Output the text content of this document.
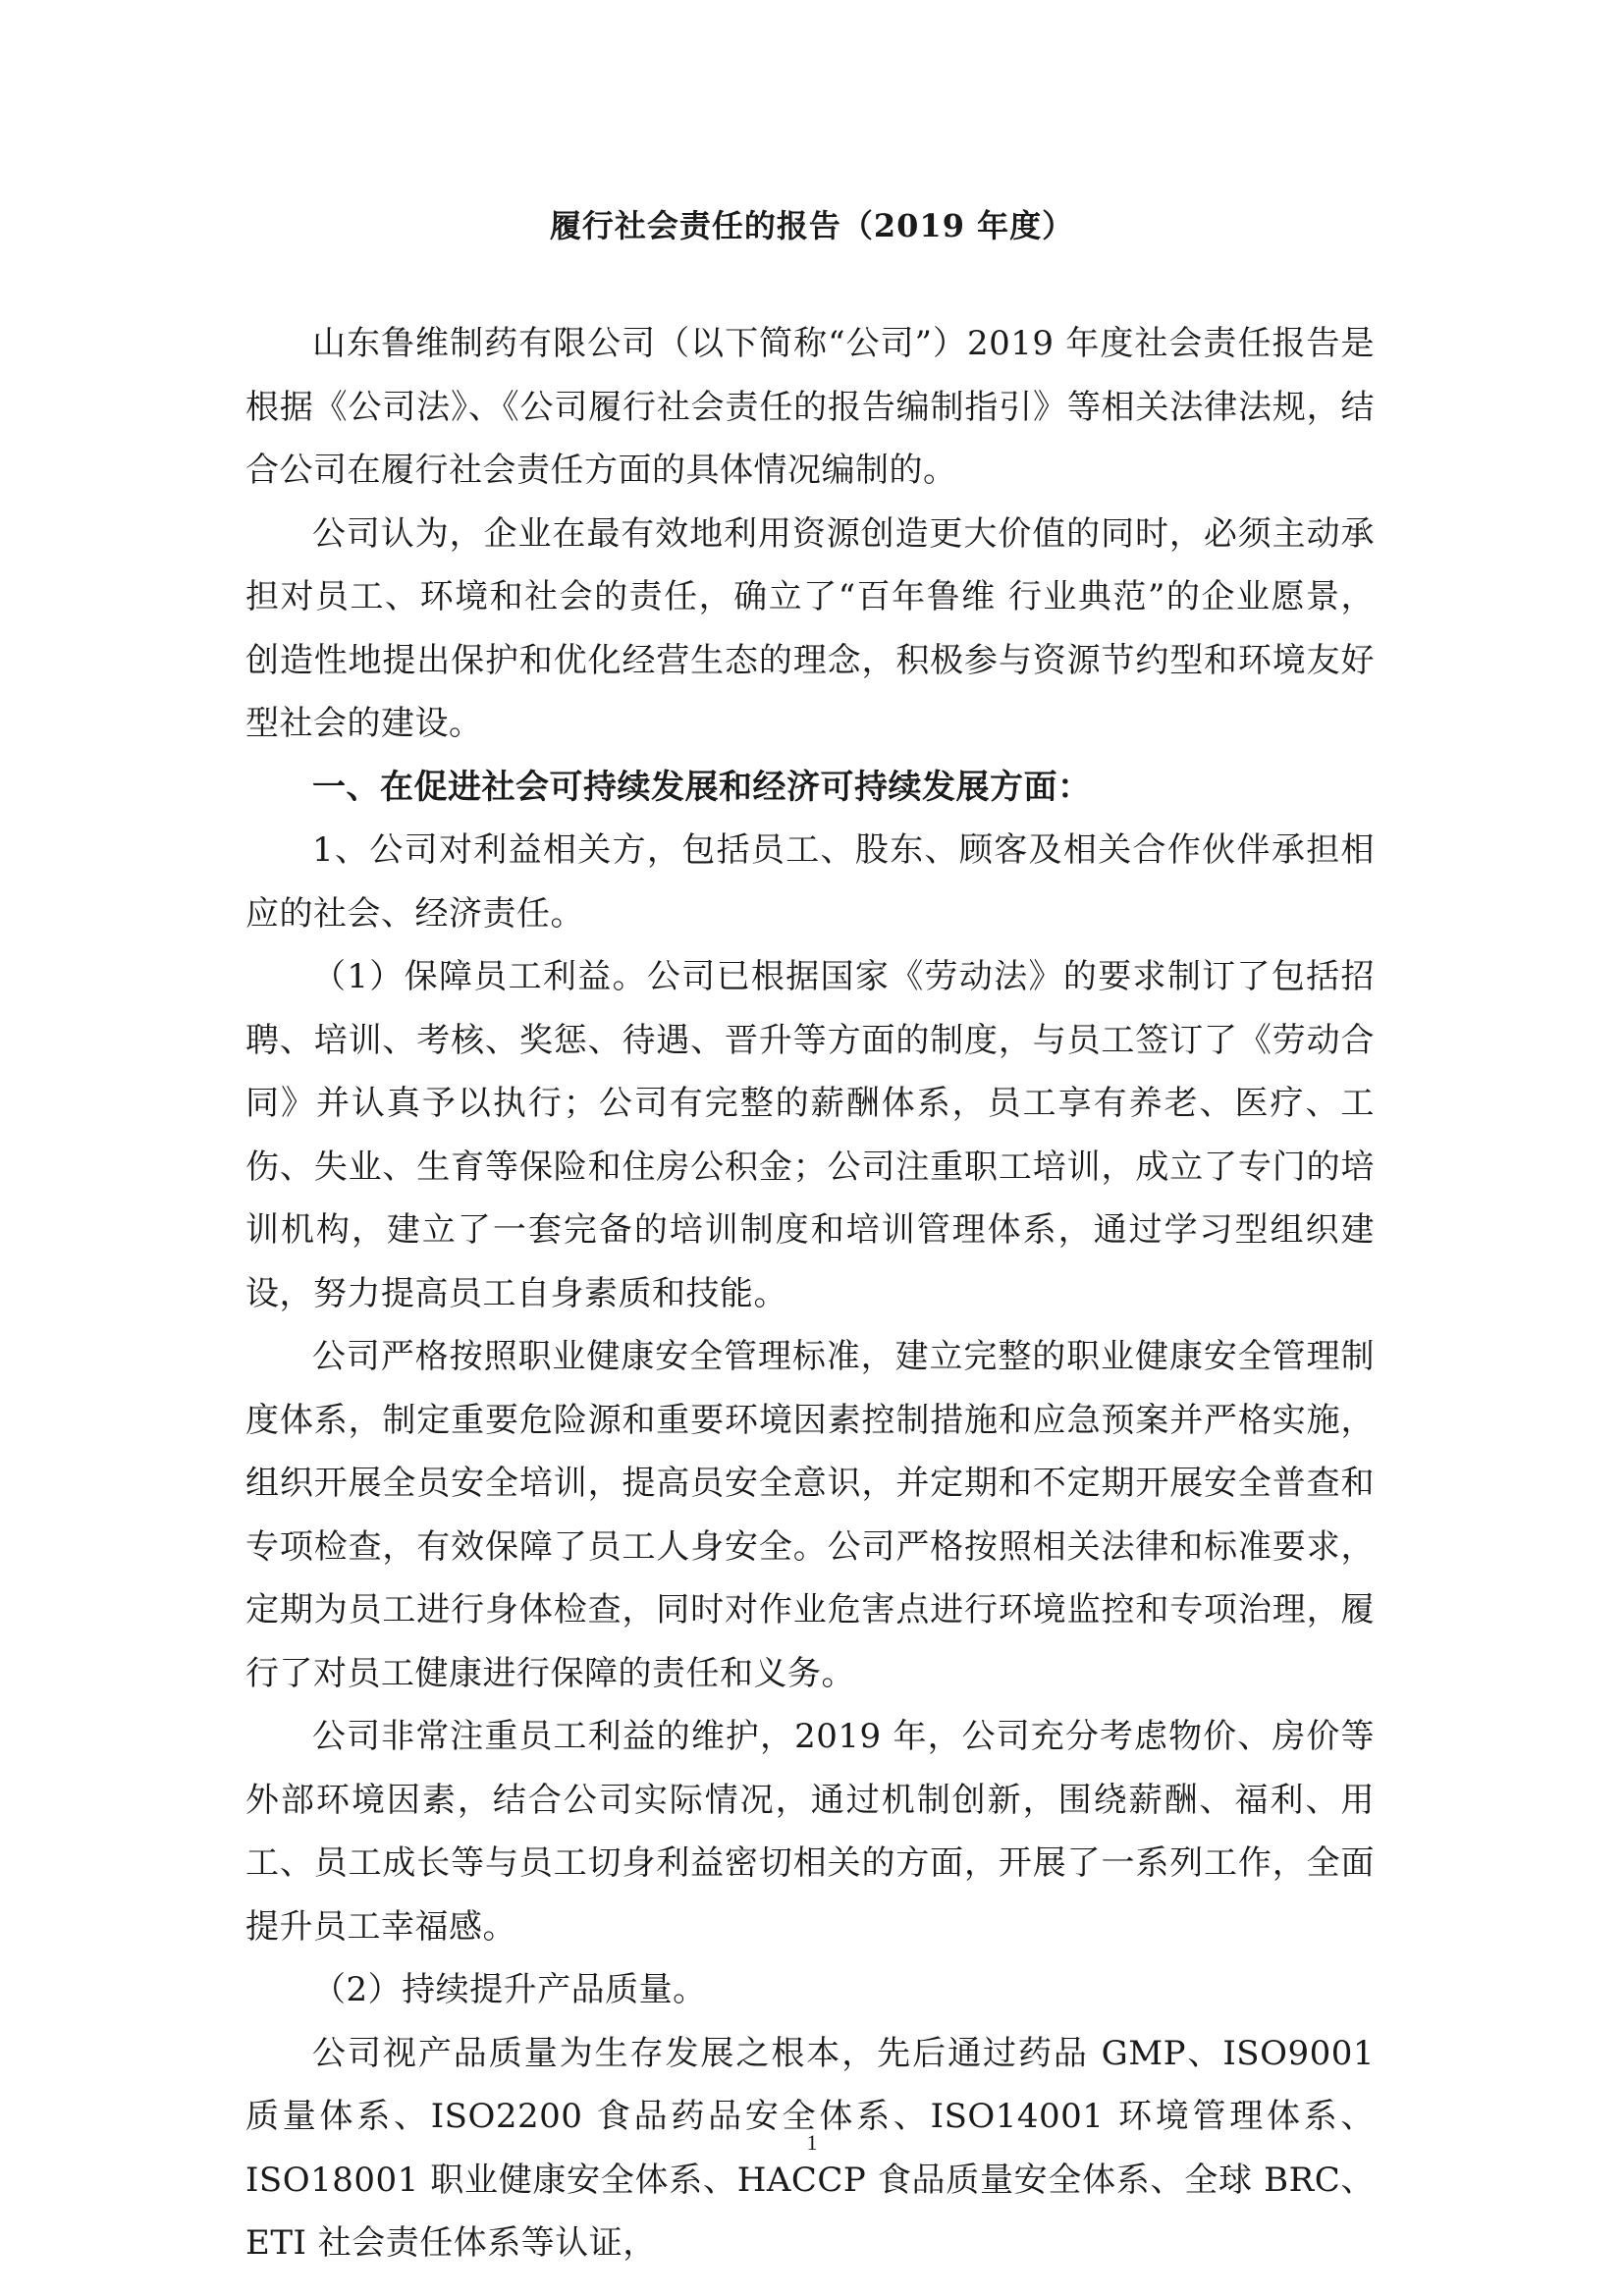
履行社会责任的报告（2019 年度）

山东鲁维制药有限公司（以下简称“公司”）2019 年度社会责任报告是根据《公司法》、《公司履行社会责任的报告编制指引》等相关法律法规，结合公司在履行社会责任方面的具体情况编制的。

公司认为，企业在最有效地利用资源创造更大价值的同时，必须主动承担对员工、环境和社会的责任，确立了“百年鲁维 行业典范”的企业愿景，创造性地提出保护和优化经营生态的理念，积极参与资源节约型和环境友好型社会的建设。

一、在促进社会可持续发展和经济可持续发展方面：

1、公司对利益相关方，包括员工、股东、顾客及相关合作伙伴承担相应的社会、经济责任。

（1）保障员工利益。公司已根据国家《劳动法》的要求制订了包括招聘、培训、考核、奖惩、待遇、晋升等方面的制度，与员工签订了《劳动合同》并认真予以执行；公司有完整的薪酬体系，员工享有养老、医疗、工伤、失业、生育等保险和住房公积金；公司注重职工培训，成立了专门的培训机构，建立了一套完备的培训制度和培训管理体系，通过学习型组织建设，努力提高员工自身素质和技能。

公司严格按照职业健康安全管理标准，建立完整的职业健康安全管理制度体系，制定重要危险源和重要环境因素控制措施和应急预案并严格实施，组织开展全员安全培训，提高员安全意识，并定期和不定期开展安全普查和专项检查，有效保障了员工人身安全。公司严格按照相关法律和标准要求，定期为员工进行身体检查，同时对作业危害点进行环境监控和专项治理，履行了对员工健康进行保障的责任和义务。

公司非常注重员工利益的维护，2019 年，公司充分考虑物价、房价等外部环境因素，结合公司实际情况，通过机制创新，围绕薪酬、福利、用工、员工成长等与员工切身利益密切相关的方面，开展了一系列工作，全面提升员工幸福感。

（2）持续提升产品质量。

公司视产品质量为生存发展之根本，先后通过药品 GMP、ISO9001 质量体系、ISO2200 食品药品安全体系、ISO14001 环境管理体系、ISO18001 职业健康安全体系、HACCP 食品质量安全体系、全球 BRC、ETI 社会责任体系等认证，

1
